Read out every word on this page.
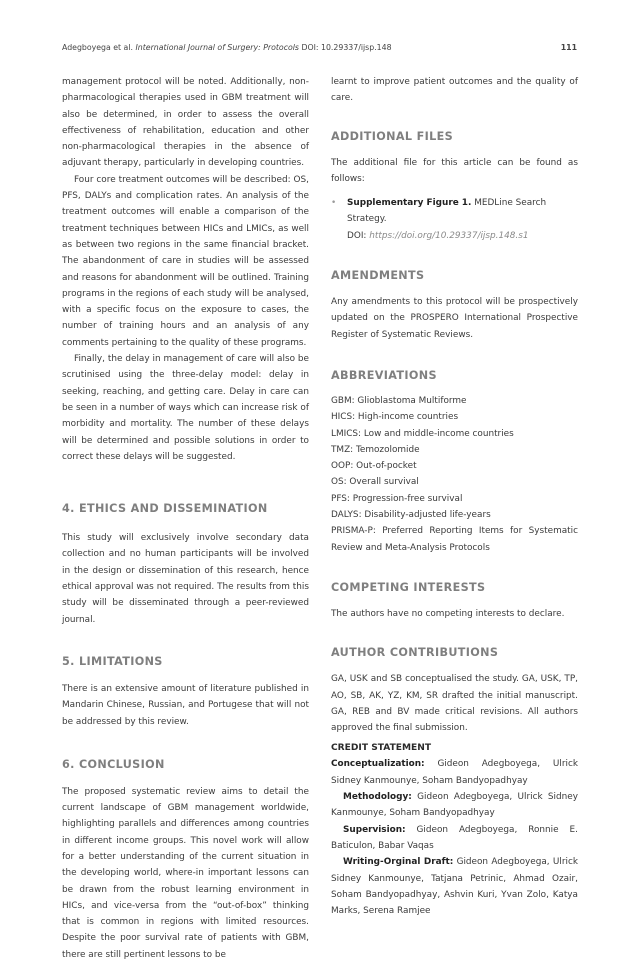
Adegboyega et al. International Journal of Surgery: Protocols DOI: 10.29337/ijsp.148	111

management protocol will be noted. Additionally, non-pharmacological therapies used in GBM treatment will also be determined, in order to assess the overall effectiveness of rehabilitation, education and other non-pharmacological therapies in the absence of adjuvant therapy, particularly in developing countries.

Four core treatment outcomes will be described: OS, PFS, DALYs and complication rates. An analysis of the treatment outcomes will enable a comparison of the treatment techniques between HICs and LMICs, as well as between two regions in the same financial bracket. The abandonment of care in studies will be assessed and reasons for abandonment will be outlined. Training programs in the regions of each study will be analysed, with a specific focus on the exposure to cases, the number of training hours and an analysis of any comments pertaining to the quality of these programs.

Finally, the delay in management of care will also be scrutinised using the three-delay model: delay in seeking, reaching, and getting care. Delay in care can be seen in a number of ways which can increase risk of morbidity and mortality. The number of these delays will be determined and possible solutions in order to correct these delays will be suggested.

4. ETHICS AND DISSEMINATION

This study will exclusively involve secondary data collection and no human participants will be involved in the design or dissemination of this research, hence ethical approval was not required. The results from this study will be disseminated through a peer-reviewed journal.

5. LIMITATIONS

There is an extensive amount of literature published in Mandarin Chinese, Russian, and Portugese that will not be addressed by this review.

6. CONCLUSION

The proposed systematic review aims to detail the current landscape of GBM management worldwide, highlighting parallels and differences among countries in different income groups. This novel work will allow for a better understanding of the current situation in the developing world, where-in important lessons can be drawn from the robust learning environment in HICs, and vice-versa from the “out-of-box” thinking that is common in regions with limited resources. Despite the poor survival rate of patients with GBM, there are still pertinent lessons to be

learnt to improve patient outcomes and the quality of care.

ADDITIONAL FILES

The additional file for this article can be found as follows:

• Supplementary Figure 1. MEDLine Search Strategy.
DOI: https://doi.org/10.29337/ijsp.148.s1

AMENDMENTS

Any amendments to this protocol will be prospectively updated on the PROSPERO International Prospective Register of Systematic Reviews.

ABBREVIATIONS

GBM: Glioblastoma Multiforme

HICS: High-income countries

LMICS: Low and middle-income countries

TMZ: Temozolomide

OOP: Out-of-pocket

OS: Overall survival

PFS: Progression-free survival

DALYS: Disability-adjusted life-years

PRISMA-P: Preferred Reporting Items for Systematic Review and Meta-Analysis Protocols

COMPETING INTERESTS

The authors have no competing interests to declare.

AUTHOR CONTRIBUTIONS

GA, USK and SB conceptualised the study. GA, USK, TP, AO, SB, AK, YZ, KM, SR drafted the initial manuscript. GA, REB and BV made critical revisions. All authors approved the final submission.

CREDIT STATEMENT

Conceptualization: Gideon Adegboyega, Ulrick Sidney Kanmounye, Soham Bandyopadhyay

Methodology: Gideon Adegboyega, Ulrick Sidney Kanmounye, Soham Bandyopadhyay

Supervision: Gideon Adegboyega, Ronnie E. Baticulon, Babar Vaqas

Writing-Orginal Draft: Gideon Adegboyega, Ulrick Sidney Kanmounye, Tatjana Petrinic, Ahmad Ozair, Soham Bandyopadhyay, Ashvin Kuri, Yvan Zolo, Katya Marks, Serena Ramjee
